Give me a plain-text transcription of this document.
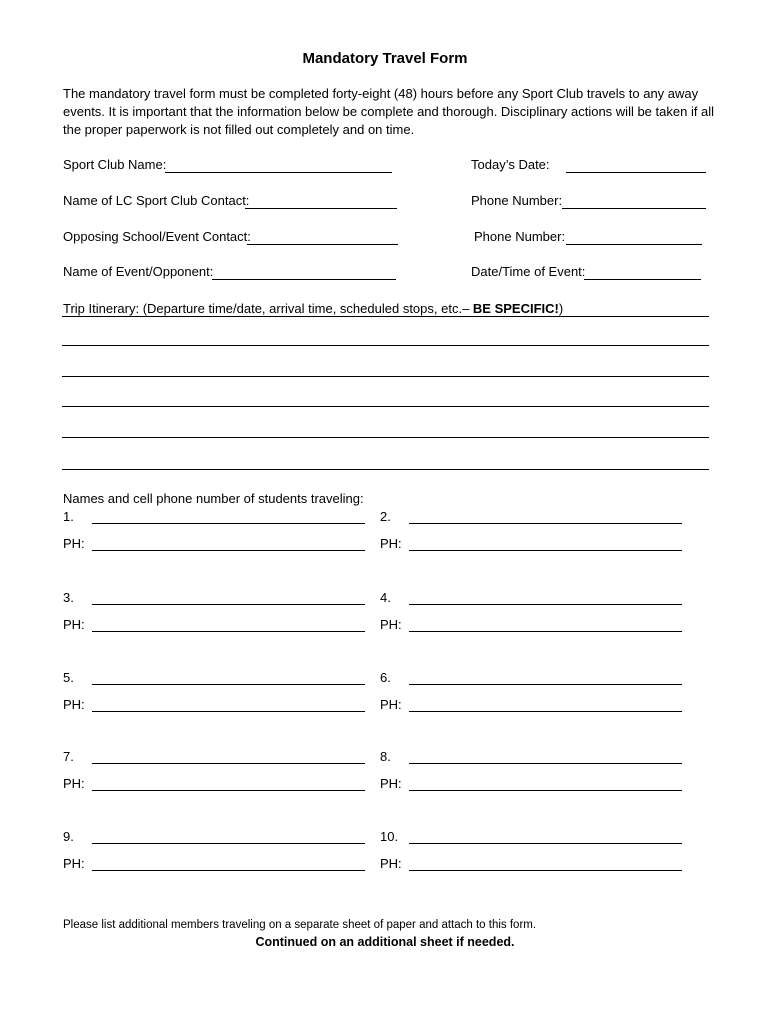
Mandatory Travel Form
The mandatory travel form must be completed forty-eight (48) hours before any Sport Club travels to any away
events. It is important that the information below be complete and thorough. Disciplinary actions will be taken if all
the proper paperwork is not filled out completely and on time.
Sport Club Name:	Today’s Date:
Name of LC Sport Club Contact:	Phone Number:
Opposing School/Event Contact:	Phone Number:
Name of Event/Opponent:	Date/Time of Event:
Trip Itinerary: (Departure time/date, arrival time, scheduled stops, etc.– BE SPECIFIC!)
Names and cell phone number of students traveling:
1.
PH:
2.
PH:
3.
PH:
4.
PH:
5.
PH:
6.
PH:
7.
PH:
8.
PH:
9.
PH:
10.
PH:
Please list additional members traveling on a separate sheet of paper and attach to this form.
Continued on an additional sheet if needed.
